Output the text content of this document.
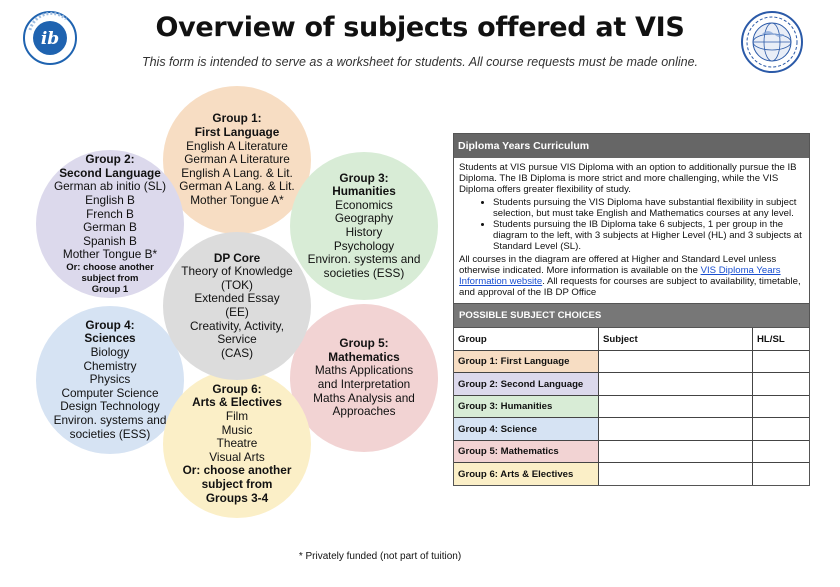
ib	Overview of subjects offered at VIS
This form is intended to serve as a worksheet for students. All course requests must be made online.
Group 1:
First Language
English A Literature
German A Literature
English A Lang. & Lit.
German A Lang. & Lit.
Mother Tongue A*
Group 2:
Second Language
German ab initio (SL)
English B
French B
German B
Spanish B
Mother Tongue B*
Or: choose another
subject from
Group 1
Group 3:
Humanities
Economics
Geography
History
Psychology
Environ. systems and
societies (ESS)
Group 4:
Sciences
Biology
Chemistry
Physics
Computer Science
Design Technology
Environ. systems and
societies (ESS)
Group 5:
Mathematics
Maths Applications
and Interpretation
Maths Analysis and
Approaches
Group 6:
Arts & Electives
Film
Music
Theatre
Visual Arts
Or: choose another
subject from
Groups 3-4
DP Core
Theory of Knowledge
(TOK)
Extended Essay
(EE)
Creativity, Activity,
Service
(CAS)
Diploma Years Curriculum
Students at VIS pursue VIS Diploma with an option to additionally pursue the IB Diploma. The IB Diploma is more strict and more challenging, while the VIS Diploma offers greater flexibility of study.
• Students pursuing the VIS Diploma have substantial flexibility in subject selection, but must take English and Mathematics courses at any level.
• Students pursuing the IB Diploma take 6 subjects, 1 per group in the diagram to the left, with 3 subjects at Higher Level (HL) and 3 subjects at Standard Level (SL).
All courses in the diagram are offered at Higher and Standard Level unless otherwise indicated. More information is available on the VIS Diploma Years Information website. All requests for courses are subject to availability, timetable, and approval of the IB DP Office
POSSIBLE SUBJECT CHOICES
Group	Subject	HL/SL
Group 1: First Language		
Group 2: Second Language		
Group 3: Humanities		
Group 4: Science		
Group 5: Mathematics		
Group 6: Arts & Electives		
* Privately funded (not part of tuition)
